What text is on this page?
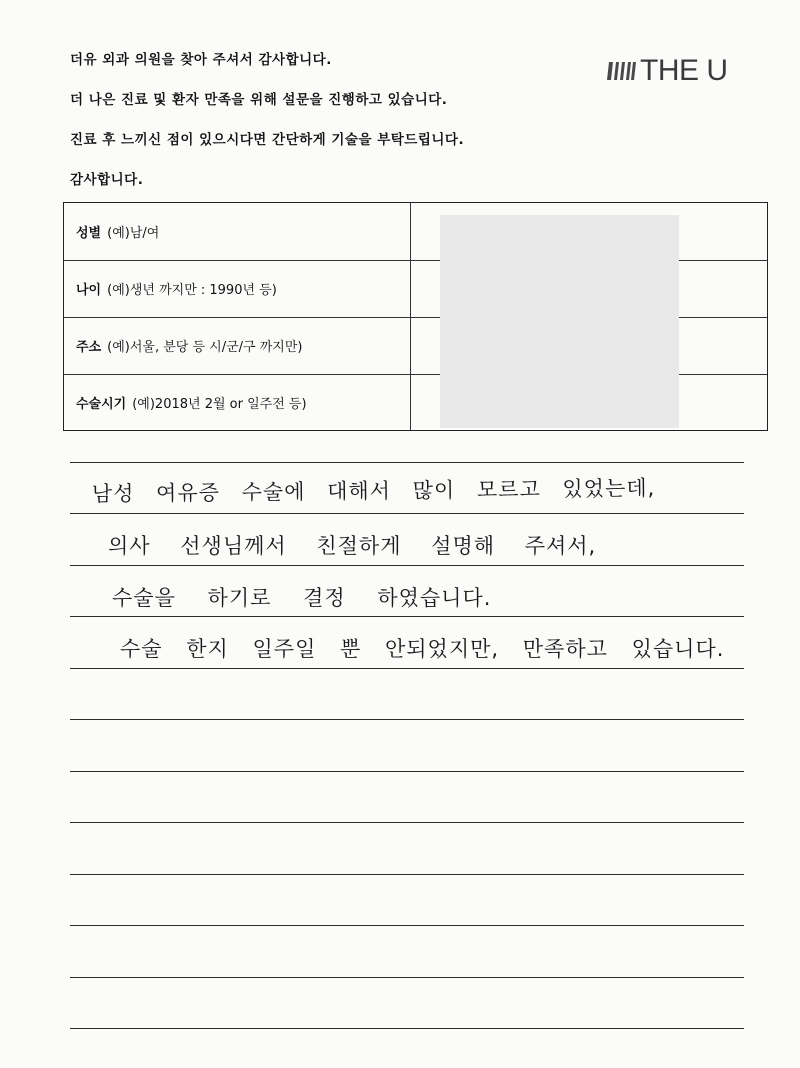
더유 외과 의원을 찾아 주셔서 감사합니다.
더 나은 진료 및 환자 만족을 위해 설문을 진행하고 있습니다.
진료 후 느끼신 점이 있으시다면 간단하게 기술을 부탁드립니다.
감사합니다.
THE U
성별 (예)남/여
나이 (예)생년 까지만 : 1990년 등)
주소 (예)서울, 분당 등 시/군/구 까지만)
수술시기 (예)2018년 2월 or 일주전 등)
남성 여유증 수술에 대해서 많이 모르고 있었는데,
의사 선생님께서 친절하게 설명해 주셔서,
수술을 하기로 결정 하였습니다.
수술 한지 일주일 뿐 안되었지만, 만족하고 있습니다.
